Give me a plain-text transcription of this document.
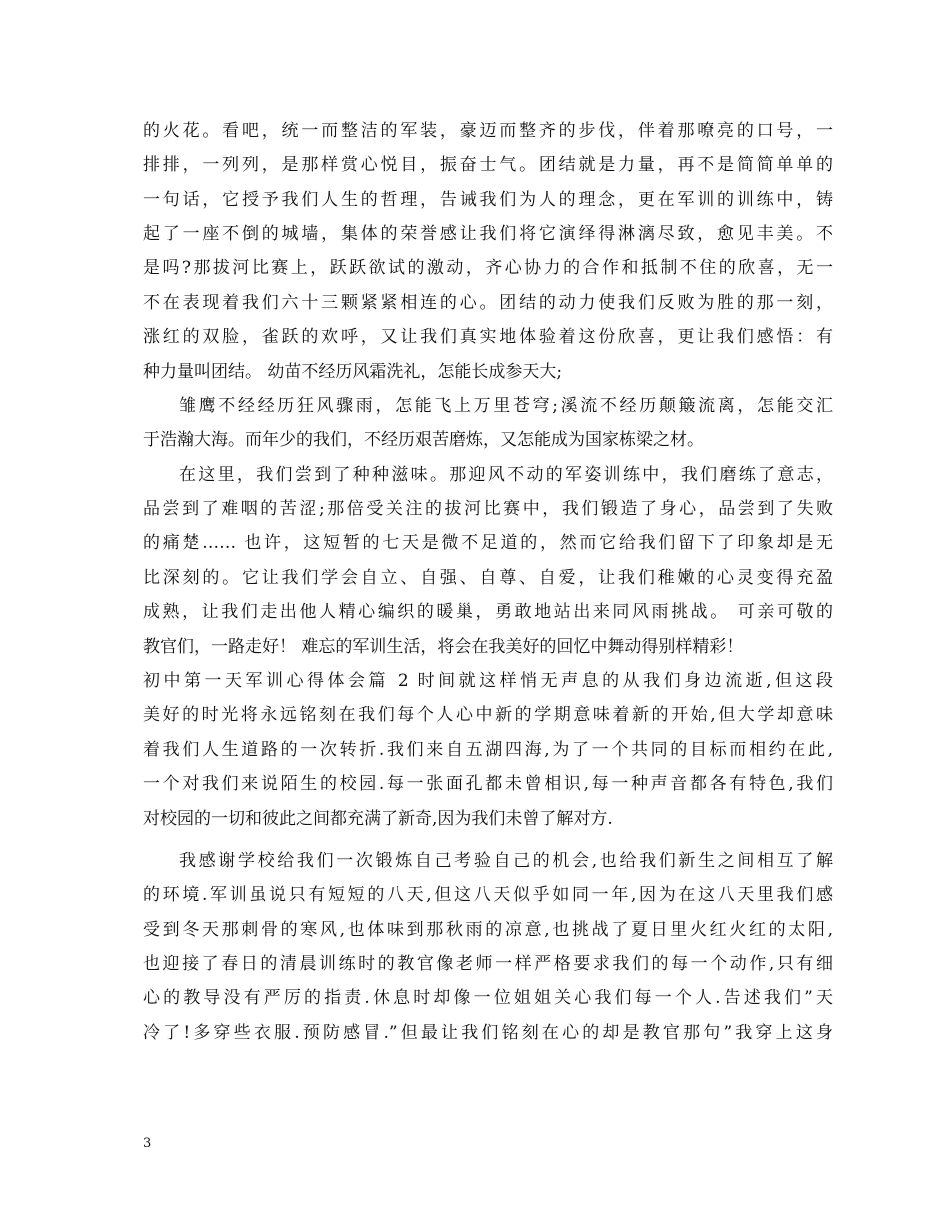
的火花。看吧，统一而整洁的军装，豪迈而整齐的步伐，伴着那嘹亮的口号，一
排排，一列列，是那样赏心悦目，振奋士气。团结就是力量，再不是简简单单的
一句话，它授予我们人生的哲理，告诫我们为人的理念，更在军训的训练中，铸
起了一座不倒的城墙，集体的荣誉感让我们将它演绎得淋漓尽致，愈见丰美。不
是吗?那拔河比赛上，跃跃欲试的激动，齐心协力的合作和抵制不住的欣喜，无一
不在表现着我们六十三颗紧紧相连的心。团结的动力使我们反败为胜的那一刻，
涨红的双脸，雀跃的欢呼，又让我们真实地体验着这份欣喜，更让我们感悟：有
种力量叫团结。 幼苗不经历风霜洗礼，怎能长成参天大;
雏鹰不经经历狂风骤雨，怎能飞上万里苍穹;溪流不经历颠簸流离，怎能交汇
于浩瀚大海。而年少的我们，不经历艰苦磨炼，又怎能成为国家栋梁之材。
在这里，我们尝到了种种滋味。那迎风不动的军姿训练中，我们磨练了意志，
品尝到了难咽的苦涩;那倍受关注的拔河比赛中，我们锻造了身心，品尝到了失败
的痛楚…… 也许，这短暂的七天是微不足道的，然而它给我们留下了印象却是无
比深刻的。它让我们学会自立、自强、自尊、自爱，让我们稚嫩的心灵变得充盈
成熟，让我们走出他人精心编织的暖巢，勇敢地站出来同风雨挑战。 可亲可敬的
教官们，一路走好！ 难忘的军训生活，将会在我美好的回忆中舞动得别样精彩！
初中第一天军训心得体会篇 2 时间就这样悄无声息的从我们身边流逝,但这段
美好的时光将永远铭刻在我们每个人心中新的学期意味着新的开始,但大学却意味
着我们人生道路的一次转折.我们来自五湖四海,为了一个共同的目标而相约在此,
一个对我们来说陌生的校园.每一张面孔都未曾相识,每一种声音都各有特色,我们
对校园的一切和彼此之间都充满了新奇,因为我们未曾了解对方.
我感谢学校给我们一次锻炼自己考验自己的机会,也给我们新生之间相互了解
的环境.军训虽说只有短短的八天,但这八天似乎如同一年,因为在这八天里我们感
受到冬天那刺骨的寒风,也体味到那秋雨的凉意,也挑战了夏日里火红火红的太阳,
也迎接了春日的清晨训练时的教官像老师一样严格要求我们的每一个动作,只有细
心的教导没有严厉的指责.休息时却像一位姐姐关心我们每一个人.告述我们”天
冷了!多穿些衣服.预防感冒.”但最让我们铭刻在心的却是教官那句”我穿上这身
3
